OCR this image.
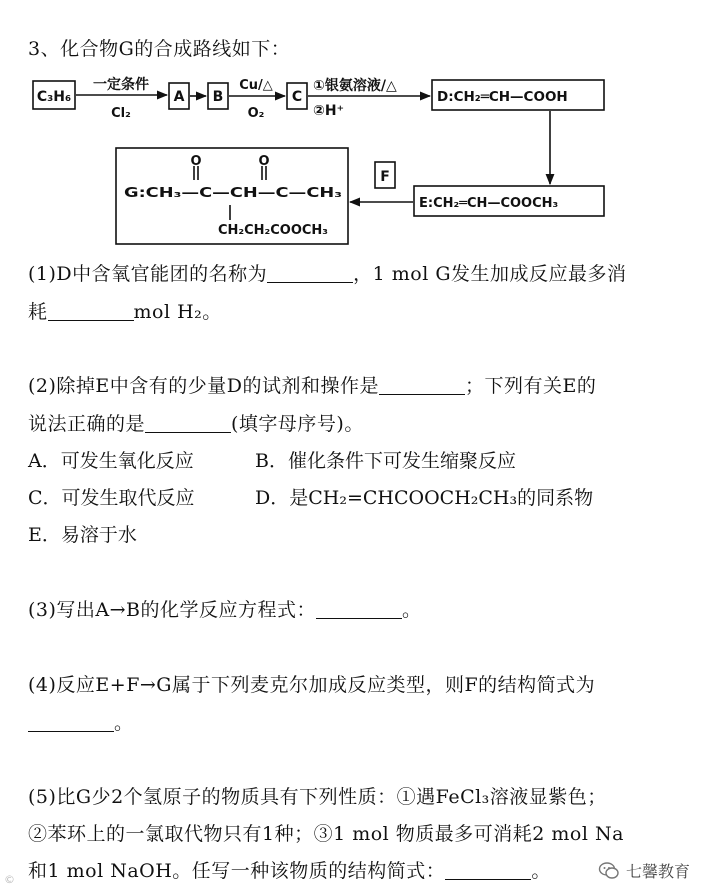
3、化合物G的合成路线如下：
C₃H₆
一定条件
Cl₂
A B
Cu/△
O₂
C
①银氨溶液/△
②H⁺
D:CH₂═CH—COOH
E:CH₂═CH—COOCH₃
F
O	O
G:CH₃—C—CH—C—CH₃
CH₂CH₂COOCH₃
(1)D中含氧官能团的名称为	，1 mol G发生加成反应最多消
耗	mol H₂。
(2)除掉E中含有的少量D的试剂和操作是	；下列有关E的
说法正确的是	(填字母序号)。
A．可发生氧化反应	B．催化条件下可发生缩聚反应
C．可发生取代反应	D．是CH₂=CHCOOCH₂CH₃的同系物
E．易溶于水
(3)写出A→B的化学反应方程式：	。
(4)反应E+F→G属于下列麦克尔加成反应类型，则F的结构简式为
。
(5)比G少2个氢原子的物质具有下列性质：①遇FeCl₃溶液显紫色；
②苯环上的一氯取代物只有1种；③1 mol 物质最多可消耗2 mol Na
和1 mol NaOH。任写一种该物质的结构简式：	。
©	七馨教育
